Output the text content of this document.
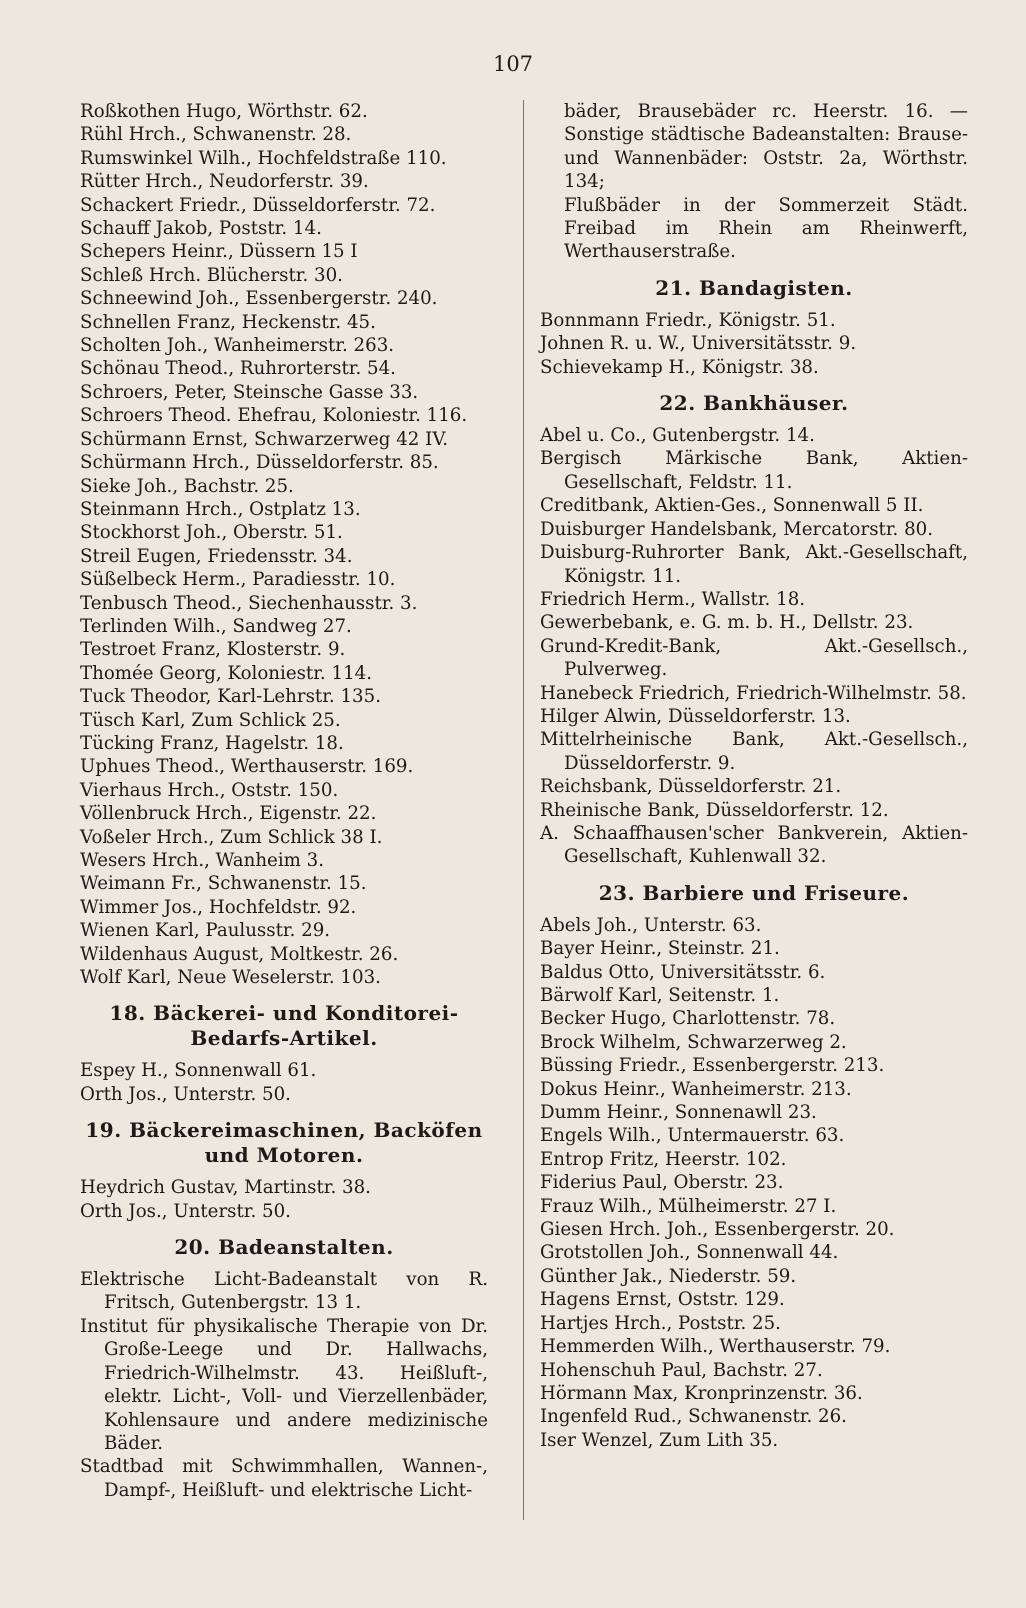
107
Roßkothen Hugo, Wörthstr. 62.
Rühl Hrch., Schwanenstr. 28.
Rumswinkel Wilh., Hochfeldstraße 110.
Rütter Hrch., Neudorferstr. 39.
Schackert Friedr., Düsseldorferstr. 72.
Schauff Jakob, Poststr. 14.
Schepers Heinr., Düssern 15 I
Schleß Hrch. Blücherstr. 30.
Schneewind Joh., Essenbergerstr. 240.
Schnellen Franz, Heckenstr. 45.
Scholten Joh., Wanheimerstr. 263.
Schönau Theod., Ruhrorterstr. 54.
Schroers, Peter, Steinsche Gasse 33.
Schroers Theod. Ehefrau, Koloniestr. 116.
Schürmann Ernst, Schwarzerweg 42 IV.
Schürmann Hrch., Düsseldorferstr. 85.
Sieke Joh., Bachstr. 25.
Steinmann Hrch., Ostplatz 13.
Stockhorst Joh., Oberstr. 51.
Streil Eugen, Friedensstr. 34.
Süßelbeck Herm., Paradiesstr. 10.
Tenbusch Theod., Siechenhausstr. 3.
Terlinden Wilh., Sandweg 27.
Testroet Franz, Klosterstr. 9.
Thomée Georg, Koloniestr. 114.
Tuck Theodor, Karl-Lehrstr. 135.
Tüsch Karl, Zum Schlick 25.
Tücking Franz, Hagelstr. 18.
Uphues Theod., Werthauserstr. 169.
Vierhaus Hrch., Oststr. 150.
Völlenbruck Hrch., Eigenstr. 22.
Voßeler Hrch., Zum Schlick 38 I.
Wesers Hrch., Wanheim 3.
Weimann Fr., Schwanenstr. 15.
Wimmer Jos., Hochfeldstr. 92.
Wienen Karl, Paulusstr. 29.
Wildenhaus August, Moltkestr. 26.
Wolf Karl, Neue Weselerstr. 103.
18. Bäckerei- und Konditorei-Bedarfs-Artikel.
Espey H., Sonnenwall 61.
Orth Jos., Unterstr. 50.
19. Bäckereimaschinen, Backöfen und Motoren.
Heydrich Gustav, Martinstr. 38.
Orth Jos., Unterstr. 50.
20. Badeanstalten.
Elektrische Licht-Badeanstalt von R. Fritsch, Gutenbergstr. 13 1.
Institut für physikalische Therapie von Dr. Große-Leege und Dr. Hallwachs, Friedrich-Wilhelmstr. 43. Heißluft-, elektr. Licht-, Voll- und Vierzellenbäder, Kohlensaure und andere medizinische Bäder.
Stadtbad mit Schwimmhallen, Wannen-, Dampf-, Heißluft- und elektrische Licht-
bäder, Brausebäder rc. Heerstr. 16. — Sonstige städtische Badeanstalten: Brause- und Wannenbäder: Oststr. 2a, Wörthstr. 134;
Flußbäder in der Sommerzeit Städt. Freibad im Rhein am Rheinwerft, Werthauserstraße.
21. Bandagisten.
Bonnmann Friedr., Königstr. 51.
Johnen R. u. W., Universitätsstr. 9.
Schievekamp H., Königstr. 38.
22. Bankhäuser.
Abel u. Co., Gutenbergstr. 14.
Bergisch Märkische Bank, Aktien-Gesellschaft, Feldstr. 11.
Creditbank, Aktien-Ges., Sonnenwall 5 II.
Duisburger Handelsbank, Mercatorstr. 80.
Duisburg-Ruhrorter Bank, Akt.-Gesellschaft, Königstr. 11.
Friedrich Herm., Wallstr. 18.
Gewerbebank, e. G. m. b. H., Dellstr. 23.
Grund-Kredit-Bank, Akt.-Gesellsch., Pulverweg.
Hanebeck Friedrich, Friedrich-Wilhelmstr. 58.
Hilger Alwin, Düsseldorferstr. 13.
Mittelrheinische Bank, Akt.-Gesellsch., Düsseldorferstr. 9.
Reichsbank, Düsseldorferstr. 21.
Rheinische Bank, Düsseldorferstr. 12.
A. Schaaffhausen'scher Bankverein, Aktien-Gesellschaft, Kuhlenwall 32.
23. Barbiere und Friseure.
Abels Joh., Unterstr. 63.
Bayer Heinr., Steinstr. 21.
Baldus Otto, Universitätsstr. 6.
Bärwolf Karl, Seitenstr. 1.
Becker Hugo, Charlottenstr. 78.
Brock Wilhelm, Schwarzerweg 2.
Büssing Friedr., Essenbergerstr. 213.
Dokus Heinr., Wanheimerstr. 213.
Dumm Heinr., Sonnenawll 23.
Engels Wilh., Untermauerstr. 63.
Entrop Fritz, Heerstr. 102.
Fiderius Paul, Oberstr. 23.
Frauz Wilh., Mülheimerstr. 27 I.
Giesen Hrch. Joh., Essenbergerstr. 20.
Grotstollen Joh., Sonnenwall 44.
Günther Jak., Niederstr. 59.
Hagens Ernst, Oststr. 129.
Hartjes Hrch., Poststr. 25.
Hemmerden Wilh., Werthauserstr. 79.
Hohenschuh Paul, Bachstr. 27.
Hörmann Max, Kronprinzenstr. 36.
Ingenfeld Rud., Schwanenstr. 26.
Iser Wenzel, Zum Lith 35.
